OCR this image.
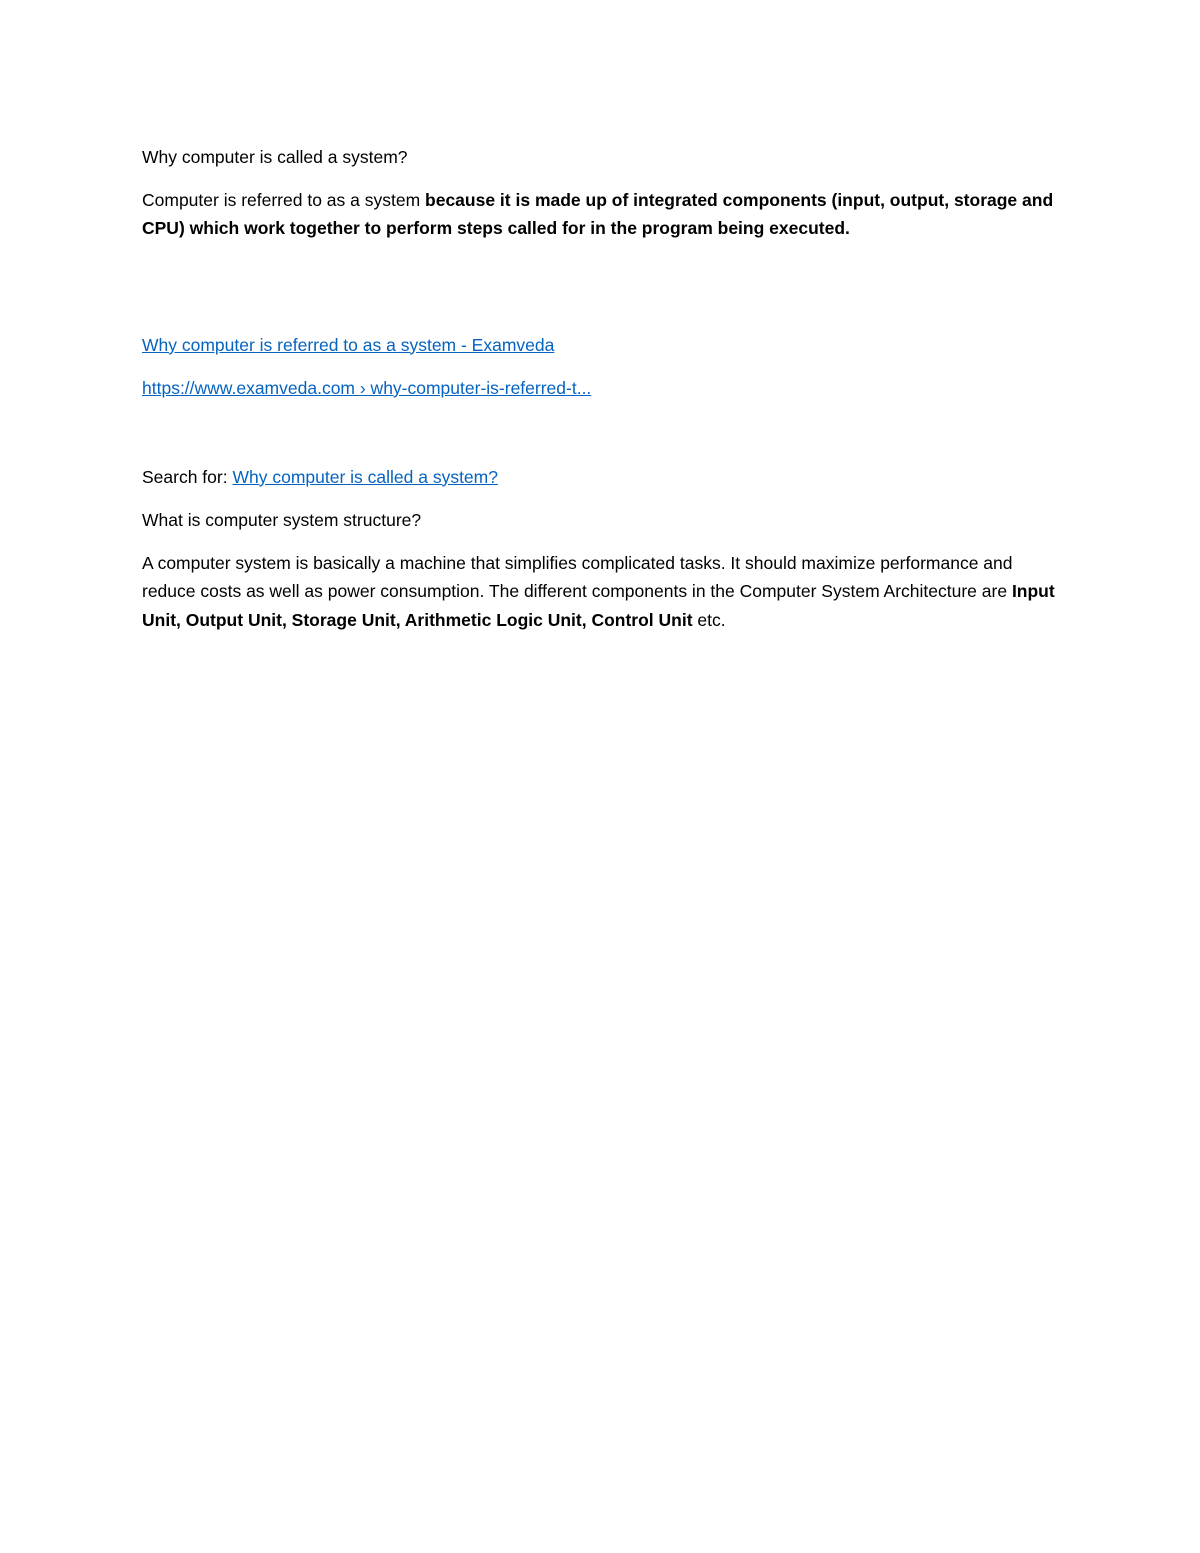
Why computer is called a system?

Computer is referred to as a system because it is made up of integrated components (input, output, storage and CPU) which work together to perform steps called for in the program being executed.

Why computer is referred to as a system - Examveda

https://www.examveda.com › why-computer-is-referred-t...

Search for: Why computer is called a system?

What is computer system structure?

A computer system is basically a machine that simplifies complicated tasks. It should maximize performance and reduce costs as well as power consumption. The different components in the Computer System Architecture are Input Unit, Output Unit, Storage Unit, Arithmetic Logic Unit, Control Unit etc.
